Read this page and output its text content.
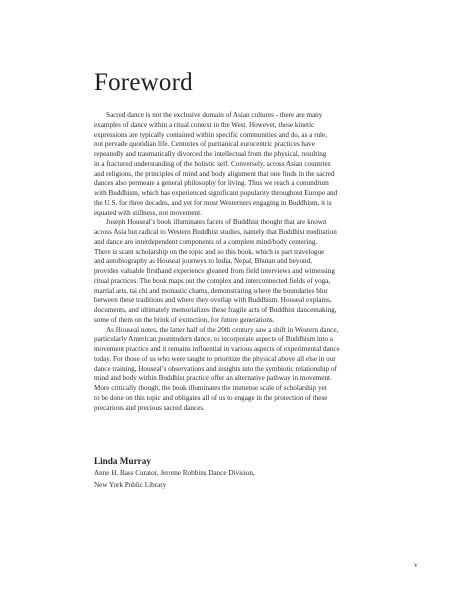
Foreword

Sacred dance is not the exclusive domain of Asian cultures - there are many
examples of dance within a ritual context in the West. However, these kinetic
expressions are typically contained within specific communities and do, as a rule,
not pervade quotidian life. Centuries of puritanical eurocentric practices have
repeatedly and traumatically divorced the intellectual from the physical, resulting
in a fractured understanding of the holistic self. Conversely, across Asian countries
and religions, the principles of mind and body alignment that one finds in the sacred
dances also permeate a general philosophy for living. Thus we reach a conundrum
with Buddhism, which has experienced significant popularity throughout Europe and
the U.S. for three decades, and yet for most Westerners engaging in Buddhism, it is
equated with stillness, not movement.

Joseph Houseal’s book illuminates facets of Buddhist thought that are known
across Asia but radical to Western Buddhist studies, namely that Buddhist meditation
and dance are interdependent components of a complete mind/body centering.
There is scant scholarship on the topic and so this book, which is part travelogue
and autobiography as Houseal journeys to India, Nepal, Bhutan and beyond,
provides valuable firsthand experience gleaned from field interviews and witnessing
ritual practices. The book maps out the complex and interconnected fields of yoga,
martial arts, tai chi and monastic chams, demonstrating where the boundaries blur
between these traditions and where they overlap with Buddhism. Houseal explains,
documents, and ultimately memorializes these fragile acts of Buddhist dancemaking,
some of them on the brink of extinction, for future generations.

As Houseal notes, the latter half of the 20th century saw a shift in Western dance,
particularly American postmodern dance, to incorporate aspects of Buddhism into a
movement practice and it remains influential in various aspects of experimental dance
today. For those of us who were taught to prioritize the physical above all else in our
dance training, Houseal’s observations and insights into the symbiotic relationship of
mind and body within Buddhist practice offer an alternative pathway in movement.
More critically though, the book illuminates the immense scale of scholarship yet
to be done on this topic and obligates all of us to engage in the protection of these
precarious and precious sacred dances.

Linda Murray
Anne H. Bass Curator, Jerome Robbins Dance Division,
New York Public Library
v
